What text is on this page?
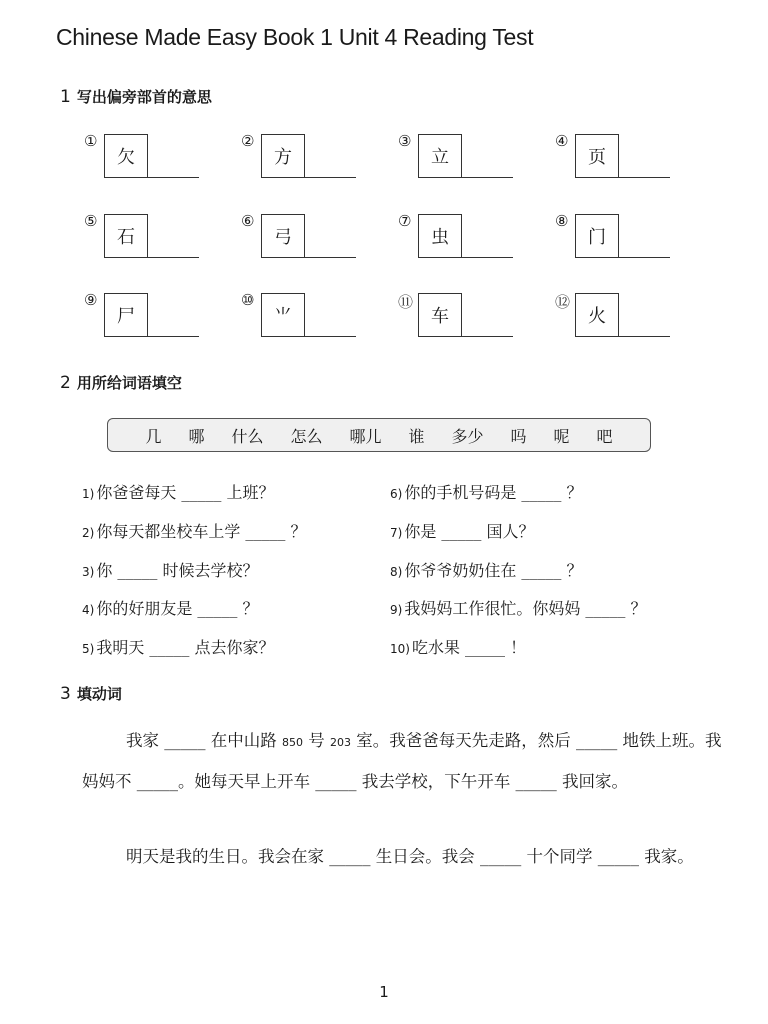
Chinese Made Easy Book 1 Unit 4 Reading Test
1 写出偏旁部首的意思
①
欠
②
方
③
立
④
页
⑤
石
⑥
弓
⑦
虫
⑧
门
⑨
尸
⑩
⺌
⑪
车
⑫
火
2 用所给词语填空
几 哪 什么 怎么 哪儿 谁 多少 吗 呢 吧
1) 你爸爸每天 _____ 上班？
2) 你每天都坐校车上学 _____ ？
3) 你 _____ 时候去学校？
4) 你的好朋友是 _____ ？
5) 我明天 _____ 点去你家？
6) 你的手机号码是 _____ ？
7) 你是 _____ 国人？
8) 你爷爷奶奶住在 _____ ？
9) 我妈妈工作很忙。你妈妈 _____ ？
10) 吃水果 _____ ！
3 填动词
我家 _____ 在中山路 850 号 203 室。我爸爸每天先走路，然后 _____ 地铁上班。我妈妈不 _____。她每天早上开车 _____ 我去学校，下午开车 _____ 我回家。
明天是我的生日。我会在家 _____ 生日会。我会 _____ 十个同学 _____ 我家。
1
